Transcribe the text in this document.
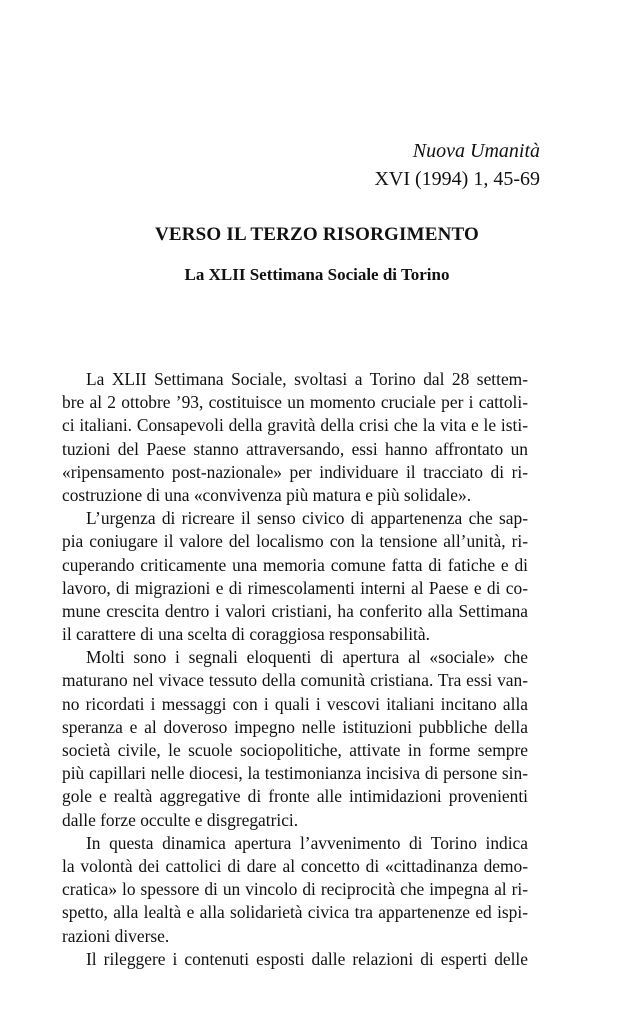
Nuova Umanità
XVI (1994) 1, 45-69
VERSO IL TERZO RISORGIMENTO
La XLII Settimana Sociale di Torino
La XLII Settimana Sociale, svoltasi a Torino dal 28 settem-
bre al 2 ottobre ’93, costituisce un momento cruciale per i cattoli-
ci italiani. Consapevoli della gravità della crisi che la vita e le isti-
tuzioni del Paese stanno attraversando, essi hanno affrontato un
«ripensamento post-nazionale» per individuare il tracciato di ri-
costruzione di una «convivenza più matura e più solidale».
L’urgenza di ricreare il senso civico di appartenenza che sap-
pia coniugare il valore del localismo con la tensione all’unità, ri-
cuperando criticamente una memoria comune fatta di fatiche e di
lavoro, di migrazioni e di rimescolamenti interni al Paese e di co-
mune crescita dentro i valori cristiani, ha conferito alla Settimana
il carattere di una scelta di coraggiosa responsabilità.
Molti sono i segnali eloquenti di apertura al «sociale» che
maturano nel vivace tessuto della comunità cristiana. Tra essi van-
no ricordati i messaggi con i quali i vescovi italiani incitano alla
speranza e al doveroso impegno nelle istituzioni pubbliche della
società civile, le scuole sociopolitiche, attivate in forme sempre
più capillari nelle diocesi, la testimonianza incisiva di persone sin-
gole e realtà aggregative di fronte alle intimidazioni provenienti
dalle forze occulte e disgregatrici.
In questa dinamica apertura l’avvenimento di Torino indica
la volontà dei cattolici di dare al concetto di «cittadinanza demo-
cratica» lo spessore di un vincolo di reciprocità che impegna al ri-
spetto, alla lealtà e alla solidarietà civica tra appartenenze ed ispi-
razioni diverse.
Il rileggere i contenuti esposti dalle relazioni di esperti delle
